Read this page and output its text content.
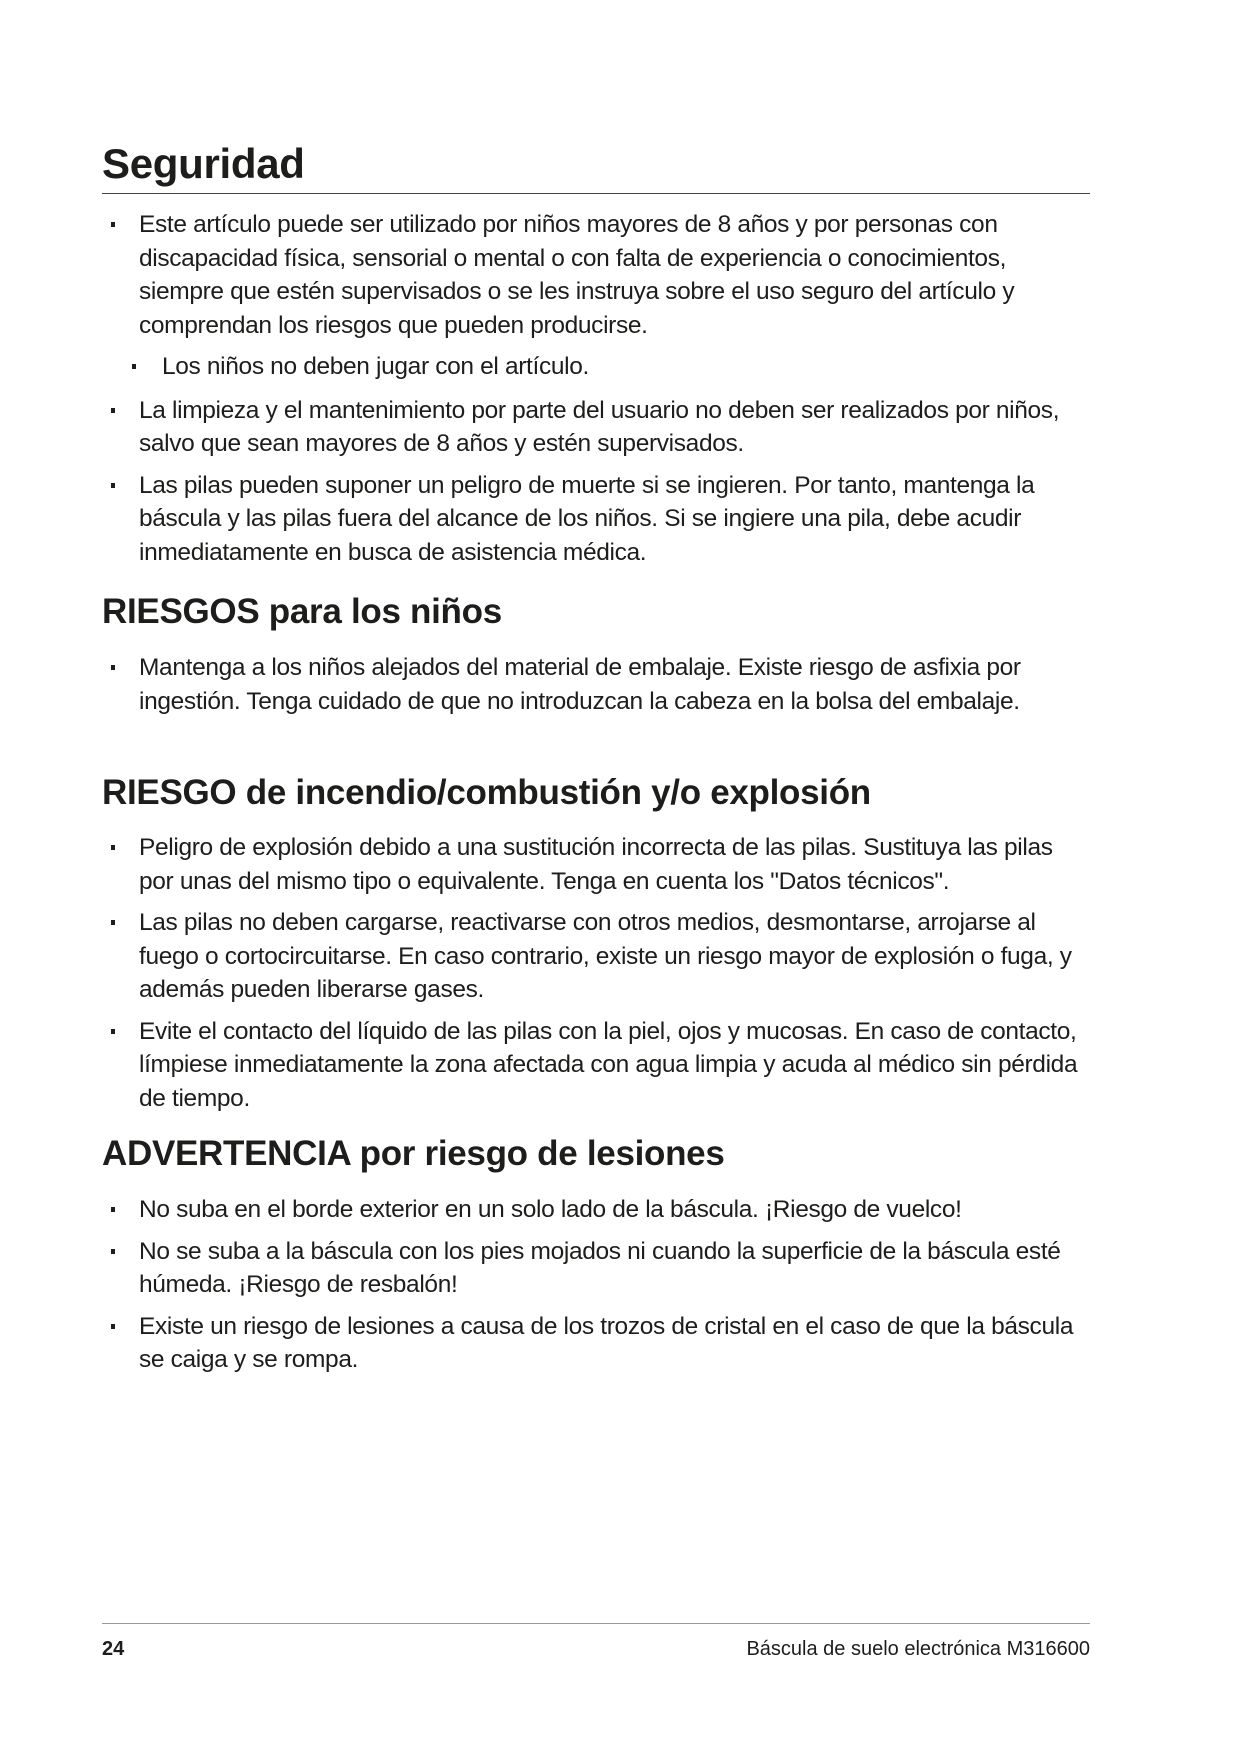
Seguridad
Este artículo puede ser utilizado por niños mayores de 8 años y por personas con discapacidad física, sensorial o mental o con falta de experiencia o conocimientos, siempre que estén supervisados o se les instruya sobre el uso seguro del artículo y comprendan los riesgos que pueden producirse.
Los niños no deben jugar con el artículo.
La limpieza y el mantenimiento por parte del usuario no deben ser realizados por niños, salvo que sean mayores de 8 años y estén supervisados.
Las pilas pueden suponer un peligro de muerte si se ingieren. Por tanto, mantenga la báscula y las pilas fuera del alcance de los niños. Si se ingiere una pila, debe acudir inmediatamente en busca de asistencia médica.
RIESGOS para los niños
Mantenga a los niños alejados del material de embalaje. Existe riesgo de asfixia por ingestión. Tenga cuidado de que no introduzcan la cabeza en la bolsa del embalaje.
RIESGO de incendio/combustión y/o explosión
Peligro de explosión debido a una sustitución incorrecta de las pilas. Sustituya las pilas por unas del mismo tipo o equivalente. Tenga en cuenta los "Datos técnicos".
Las pilas no deben cargarse, reactivarse con otros medios, desmontarse, arrojarse al fuego o cortocircuitarse. En caso contrario, existe un riesgo mayor de explosión o fuga, y además pueden liberarse gases.
Evite el contacto del líquido de las pilas con la piel, ojos y mucosas. En caso de contacto, límpiese inmediatamente la zona afectada con agua limpia y acuda al médico sin pérdida de tiempo.
ADVERTENCIA por riesgo de lesiones
No suba en el borde exterior en un solo lado de la báscula. ¡Riesgo de vuelco!
No se suba a la báscula con los pies mojados ni cuando la superficie de la báscula esté húmeda. ¡Riesgo de resbalón!
Existe un riesgo de lesiones a causa de los trozos de cristal en el caso de que la báscula se caiga y se rompa.
24	Báscula de suelo electrónica M316600
